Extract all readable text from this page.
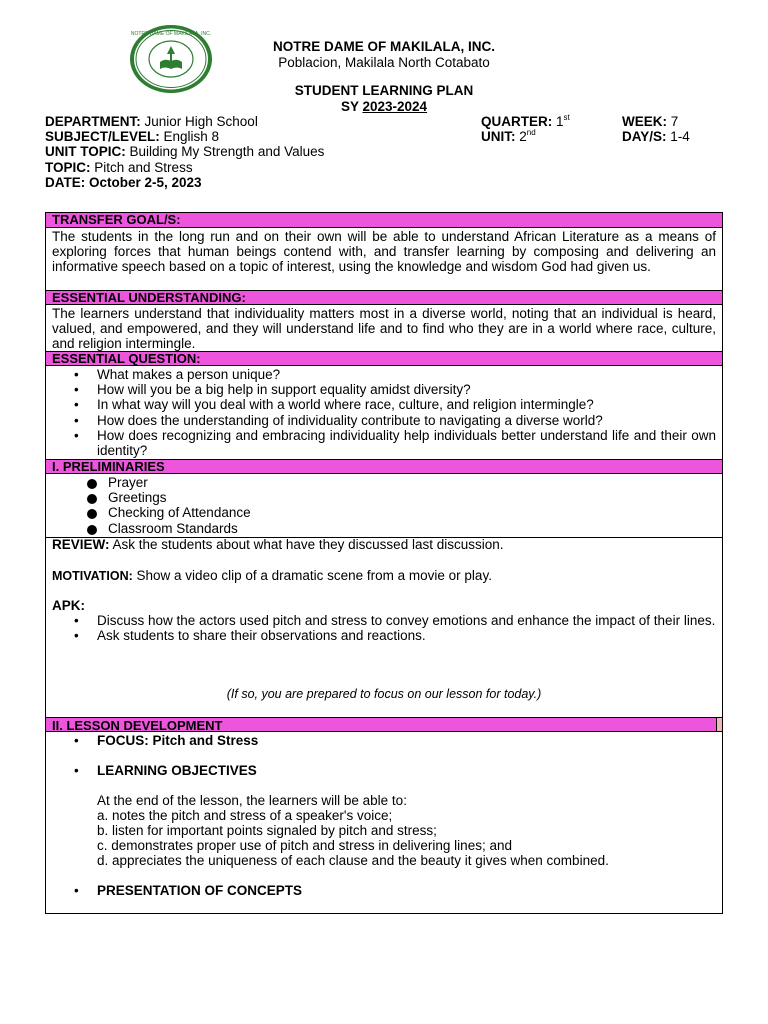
NOTRE DAME OF MAKILALA, INC.
NOTRE DAME OF MAKILALA, INC.
Poblacion, Makilala North Cotabato
STUDENT LEARNING PLAN
SY 2023-2024
DEPARTMENT: Junior High School
SUBJECT/LEVEL: English 8
UNIT TOPIC: Building My Strength and Values
TOPIC: Pitch and Stress
DATE: October 2-5, 2023
QUARTER: 1st
UNIT: 2nd
WEEK: 7
DAY/S: 1-4
TRANSFER GOAL/S:
The students in the long run and on their own will be able to understand African Literature as a means of exploring forces that human beings contend with, and transfer learning by composing and delivering an informative speech based on a topic of interest, using the knowledge and wisdom God had given us.
ESSENTIAL UNDERSTANDING:
The learners understand that individuality matters most in a diverse world, noting that an individual is heard, valued, and empowered, and they will understand life and to find who they are in a world where race, culture, and religion intermingle.
ESSENTIAL QUESTION:
• What makes a person unique?
• How will you be a big help in support equality amidst diversity?
• In what way will you deal with a world where race, culture, and religion intermingle?
• How does the understanding of individuality contribute to navigating a diverse world?
• How does recognizing and embracing individuality help individuals better understand life and their own identity?
I. PRELIMINARIES
Prayer
Greetings
Checking of Attendance
Classroom Standards
REVIEW: Ask the students about what have they discussed last discussion.
MOTIVATION: Show a video clip of a dramatic scene from a movie or play.
APK:
• Discuss how the actors used pitch and stress to convey emotions and enhance the impact of their lines.
• Ask students to share their observations and reactions.
(If so, you are prepared to focus on our lesson for today.)
II. LESSON DEVELOPMENT
• FOCUS: Pitch and Stress
• LEARNING OBJECTIVES
At the end of the lesson, the learners will be able to:
a. notes the pitch and stress of a speaker's voice;
b. listen for important points signaled by pitch and stress;
c. demonstrates proper use of pitch and stress in delivering lines; and
d. appreciates the uniqueness of each clause and the beauty it gives when combined.
• PRESENTATION OF CONCEPTS
